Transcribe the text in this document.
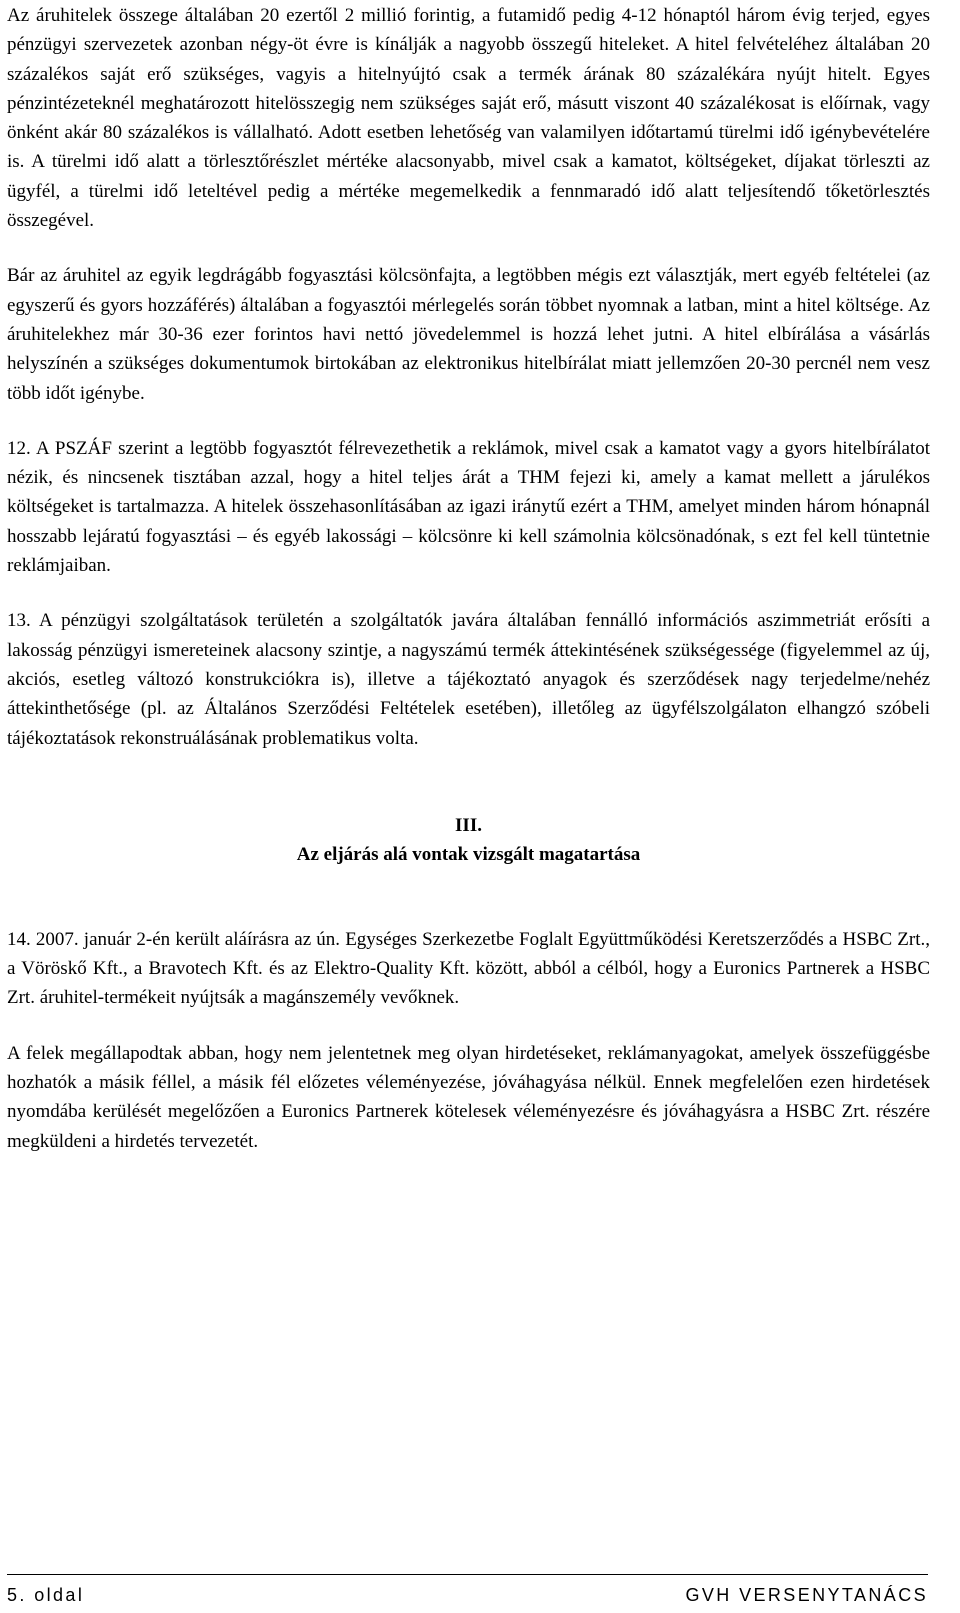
Az áruhitelek összege általában 20 ezertől 2 millió forintig, a futamidő pedig 4-12 hónaptól három évig terjed, egyes pénzügyi szervezetek azonban négy-öt évre is kínálják a nagyobb összegű hiteleket. A hitel felvételéhez általában 20 százalékos saját erő szükséges, vagyis a hitelnyújtó csak a termék árának 80 százalékára nyújt hitelt. Egyes pénzintézeteknél meghatározott hitelösszegig nem szükséges saját erő, másutt viszont 40 százalékosat is előírnak, vagy önként akár 80 százalékos is vállalható. Adott esetben lehetőség van valamilyen időtartamú türelmi idő igénybevételére is. A türelmi idő alatt a törlesztőrészlet mértéke alacsonyabb, mivel csak a kamatot, költségeket, díjakat törleszti az ügyfél, a türelmi idő leteltével pedig a mértéke megemelkedik a fennmaradó idő alatt teljesítendő tőketörlesztés összegével.

Bár az áruhitel az egyik legdrágább fogyasztási kölcsönfajta, a legtöbben mégis ezt választják, mert egyéb feltételei (az egyszerű és gyors hozzáférés) általában a fogyasztói mérlegelés során többet nyomnak a latban, mint a hitel költsége. Az áruhitelekhez már 30-36 ezer forintos havi nettó jövedelemmel is hozzá lehet jutni. A hitel elbírálása a vásárlás helyszínén a szükséges dokumentumok birtokában az elektronikus hitelbírálat miatt jellemzően 20-30 percnél nem vesz több időt igénybe.

12. A PSZÁF szerint a legtöbb fogyasztót félrevezethetik a reklámok, mivel csak a kamatot vagy a gyors hitelbírálatot nézik, és nincsenek tisztában azzal, hogy a hitel teljes árát a THM fejezi ki, amely a kamat mellett a járulékos költségeket is tartalmazza. A hitelek összehasonlításában az igazi iránytű ezért a THM, amelyet minden három hónapnál hosszabb lejáratú fogyasztási – és egyéb lakossági – kölcsönre ki kell számolnia kölcsönadónak, s ezt fel kell tüntetnie reklámjaiban.

13. A pénzügyi szolgáltatások területén a szolgáltatók javára általában fennálló információs aszimmetriát erősíti a lakosság pénzügyi ismereteinek alacsony szintje, a nagyszámú termék áttekintésének szükségessége (figyelemmel az új, akciós, esetleg változó konstrukciókra is), illetve a tájékoztató anyagok és szerződések nagy terjedelme/nehéz áttekinthetősége (pl. az Általános Szerződési Feltételek esetében), illetőleg az ügyfélszolgálaton elhangzó szóbeli tájékoztatások rekonstruálásának problematikus volta.

III.
Az eljárás alá vontak vizsgált magatartása

14. 2007. január 2-én került aláírásra az ún. Egységes Szerkezetbe Foglalt Együttműködési Keretszerződés a HSBC Zrt., a Vöröskő Kft., a Bravotech Kft. és az Elektro-Quality Kft. között, abból a célból, hogy a Euronics Partnerek a HSBC Zrt. áruhitel-termékeit nyújtsák a magánszemély vevőknek.

A felek megállapodtak abban, hogy nem jelentetnek meg olyan hirdetéseket, reklámanyagokat, amelyek összefüggésbe hozhatók a másik féllel, a másik fél előzetes véleményezése, jóváhagyása nélkül. Ennek megfelelően ezen hirdetések nyomdába kerülését megelőzően a Euronics Partnerek kötelesek véleményezésre és jóváhagyásra a HSBC Zrt. részére megküldeni a hirdetés tervezetét.

5. oldal	GVH VERSENYTANÁCS
